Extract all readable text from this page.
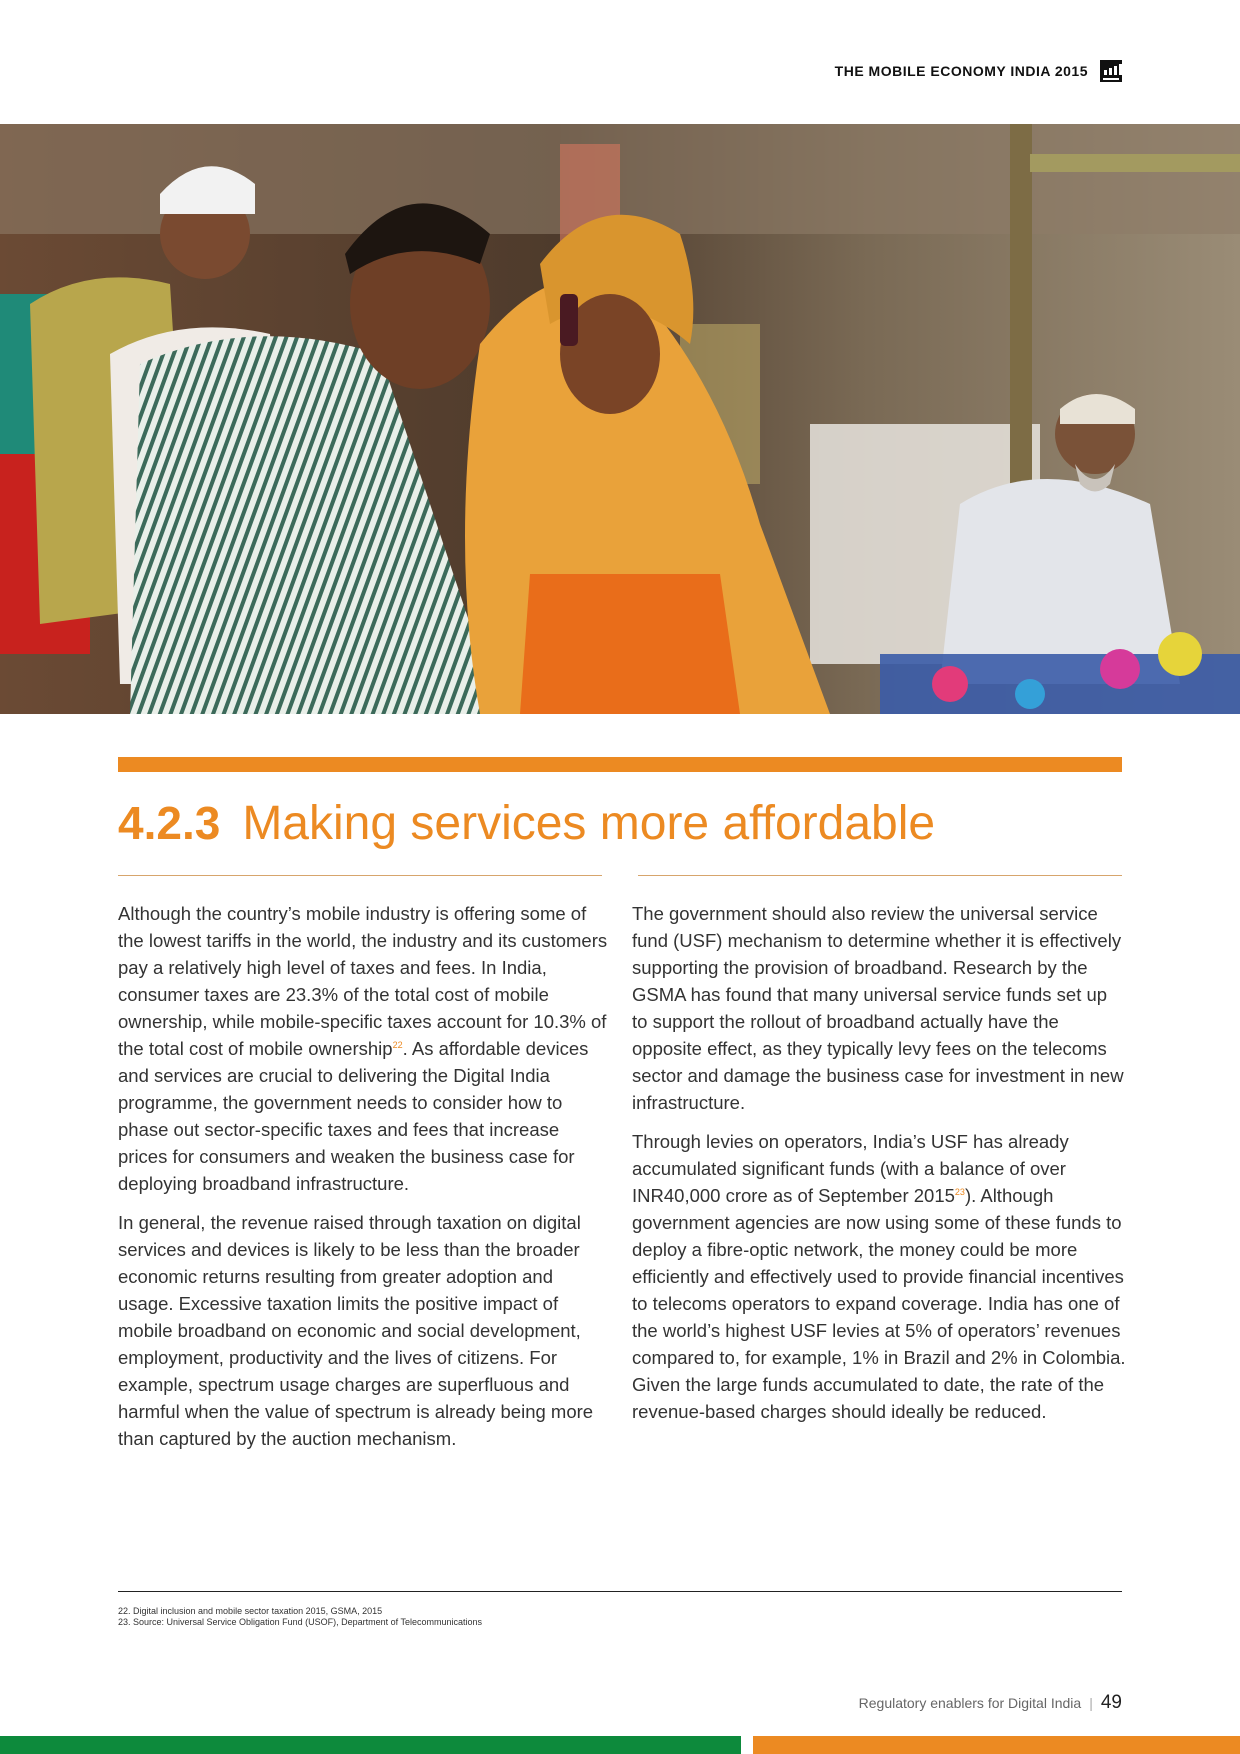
THE MOBILE ECONOMY INDIA 2015
4.2.3 Making services more affordable

Although the country’s mobile industry is offering some of the lowest tariffs in the world, the industry and its customers pay a relatively high level of taxes and fees. In India, consumer taxes are 23.3% of the total cost of mobile ownership, while mobile-specific taxes account for 10.3% of the total cost of mobile ownership$^{22}$. As affordable devices and services are crucial to delivering the Digital India programme, the government needs to consider how to phase out sector-specific taxes and fees that increase prices for consumers and weaken the business case for deploying broadband infrastructure.

In general, the revenue raised through taxation on digital services and devices is likely to be less than the broader economic returns resulting from greater adoption and usage. Excessive taxation limits the positive impact of mobile broadband on economic and social development, employment, productivity and the lives of citizens. For example, spectrum usage charges are superfluous and harmful when the value of spectrum is already being more than captured by the auction mechanism.

The government should also review the universal service fund (USF) mechanism to determine whether it is effectively supporting the provision of broadband. Research by the GSMA has found that many universal service funds set up to support the rollout of broadband actually have the opposite effect, as they typically levy fees on the telecoms sector and damage the business case for investment in new infrastructure.

Through levies on operators, India’s USF has already accumulated significant funds (with a balance of over INR40,000 crore as of September 2015$^{23}$). Although government agencies are now using some of these funds to deploy a fibre-optic network, the money could be more efficiently and effectively used to provide financial incentives to telecoms operators to expand coverage. India has one of the world’s highest USF levies at 5% of operators’ revenues compared to, for example, 1% in Brazil and 2% in Colombia. Given the large funds accumulated to date, the rate of the revenue-based charges should ideally be reduced.

22. Digital inclusion and mobile sector taxation 2015, GSMA, 2015
23. Source: Universal Service Obligation Fund (USOF), Department of Telecommunications
Regulatory enablers for Digital India | 49
